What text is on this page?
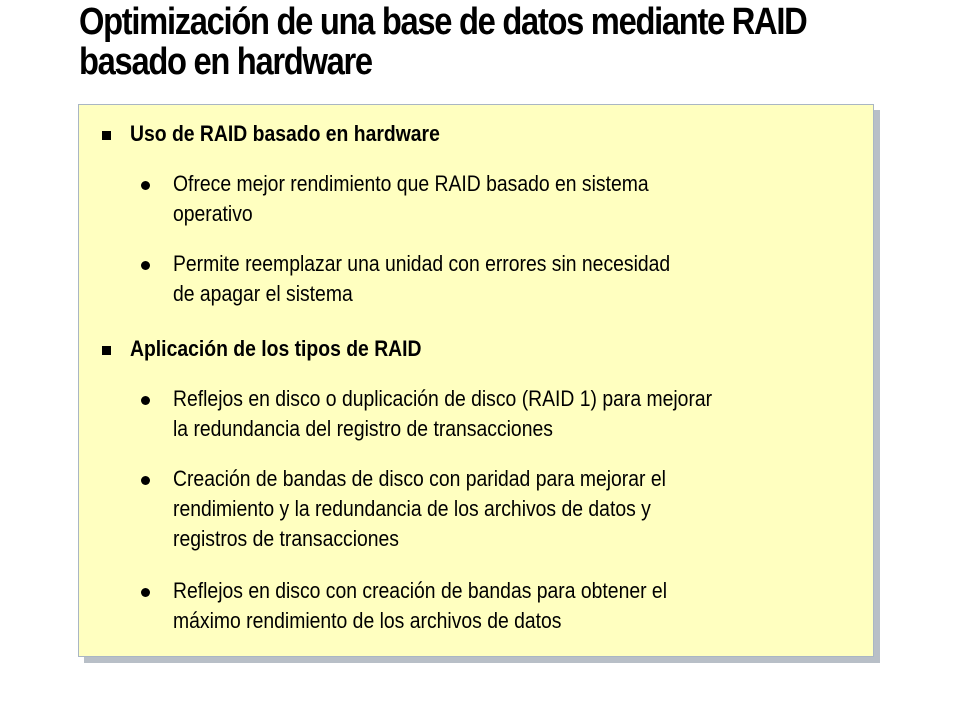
Optimización de una base de datos mediante RAID
basado en hardware
Uso de RAID basado en hardware
Ofrece mejor rendimiento que RAID basado en sistema
operativo
Permite reemplazar una unidad con errores sin necesidad
de apagar el sistema
Aplicación de los tipos de RAID
Reflejos en disco o duplicación de disco (RAID 1) para mejorar
la redundancia del registro de transacciones
Creación de bandas de disco con paridad para mejorar el
rendimiento y la redundancia de los archivos de datos y
registros de transacciones
Reflejos en disco con creación de bandas para obtener el
máximo rendimiento de los archivos de datos
